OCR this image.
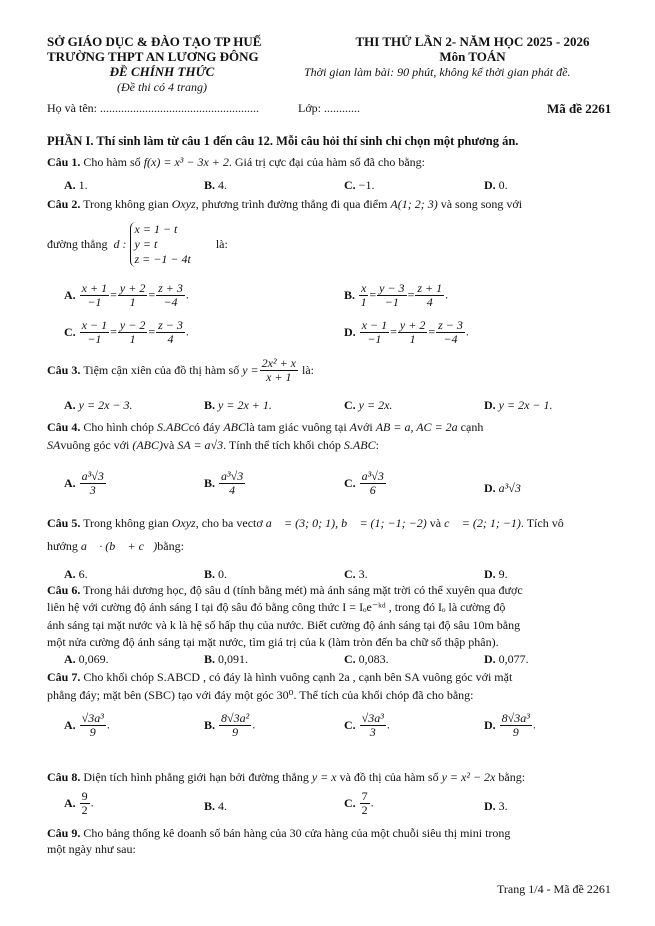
SỞ GIÁO DỤC & ĐÀO TẠO TP HUẾ
TRƯỜNG THPT AN LƯƠNG ĐÔNG
ĐỀ CHÍNH THỨC
(Đề thi có 4 trang)
THI THỬ LẦN 2- NĂM HỌC 2025 - 2026
Môn TOÁN
Thời gian làm bài: 90 phút, không kể thời gian phát đề.
Họ và tên: .....................................................	Lớp: ............	Mã đề 2261
PHẦN I. Thí sinh làm từ câu 1 đến câu 12. Mỗi câu hỏi thí sinh chỉ chọn một phương án.
Câu 1. Cho hàm số f(x) = x³ − 3x + 2. Giá trị cực đại của hàm số đã cho bằng:
A. 1.	B. 4.	C. −1.	D. 0.
Câu 2. Trong không gian Oxyz, phương trình đường thẳng đi qua điểm A(1; 2; 3) và song song với
đường thẳng d :
x = 1 − t
y = t
z = −1 − 4t
là:
A. $\frac{x + 1}{-1} = \frac{y + 2}{1} = \frac{z + 3}{-4}$ .	B. $\frac{x}{1} = \frac{y - 3}{-1} = \frac{z + 1}{4}$ .
C. $\frac{x - 1}{-1} = \frac{y - 2}{1} = \frac{z - 3}{4}$ .	D. $\frac{x - 1}{-1} = \frac{y + 2}{1} = \frac{z - 3}{-4}$ .
Câu 3. Tiệm cận xiên của đồ thị hàm số $y = \frac{\text{2x² + x}}{x + 1}$ là:
A. y = 2x − 3.	B. y = 2x + 1.	C. y = 2x.	D. y = 2x − 1.
Câu 4. Cho hình chóp S.ABCcó đáy ABClà tam giác vuông tại Avới AB = a, AC = 2a cạnh
SAvuông góc với (ABC)và SA = a√3. Tính thể tích khối chóp S.ABC:
A. $\frac{\text{a³√3}}{3}$	B. $\frac{\text{a³√3}}{4}$	C. $\frac{\text{a³√3}}{6}$	D. a³√3
Câu 5. Trong không gian Oxyz, cho ba vectơ a⃗ = (3; 0; 1), b⃗ = (1; −1; −2) và c⃗ = (2; 1; −1). Tích vô
hướng a⃗ · (b⃗ + c⃗)bằng:
A. 6.	B. 0.	C. 3.	D. 9.
Câu 6. Trong hải dương học, độ sâu d (tính bằng mét) mà ánh sáng mặt trời có thể xuyên qua được
liên hệ với cường độ ánh sáng I tại độ sâu đó bằng công thức I = Iₒe⁻ᵏᵈ , trong đó Iₒ là cường độ
ánh sáng tại mặt nước và k là hệ số hấp thụ của nước. Biết cường độ ánh sáng tại độ sâu 10m bằng
một nửa cường độ ánh sáng tại mặt nước, tìm giá trị của k (làm tròn đến ba chữ số thập phân).
A. 0,069.	B. 0,091.	C. 0,083.	D. 0,077.
Câu 7. Cho khối chóp S.ABCD , có đáy là hình vuông cạnh 2a , cạnh bên SA vuông góc với mặt
phẳng đáy; mặt bên (SBC) tạo với đáy một góc 30⁰. Thể tích của khối chóp đã cho bằng:
A. $\frac{\text{√3a³}}{9}$ .	B. $\frac{\text{8√3a²}}{9}$ .	C. $\frac{\text{√3a³}}{3}$ .	D. $\frac{\text{8√3a³}}{9}$ .
Câu 8. Diện tích hình phẳng giới hạn bởi đường thẳng y = x và đồ thị của hàm số y = x² − 2x bằng:
A. $\frac{9}{2}$ .	B. 4.	C. $\frac{7}{2}$ .	D. 3.
Câu 9. Cho bảng thống kê doanh số bán hàng của 30 cửa hàng của một chuỗi siêu thị mini trong
một ngày như sau:
Trang 1/4 - Mã đề 2261
